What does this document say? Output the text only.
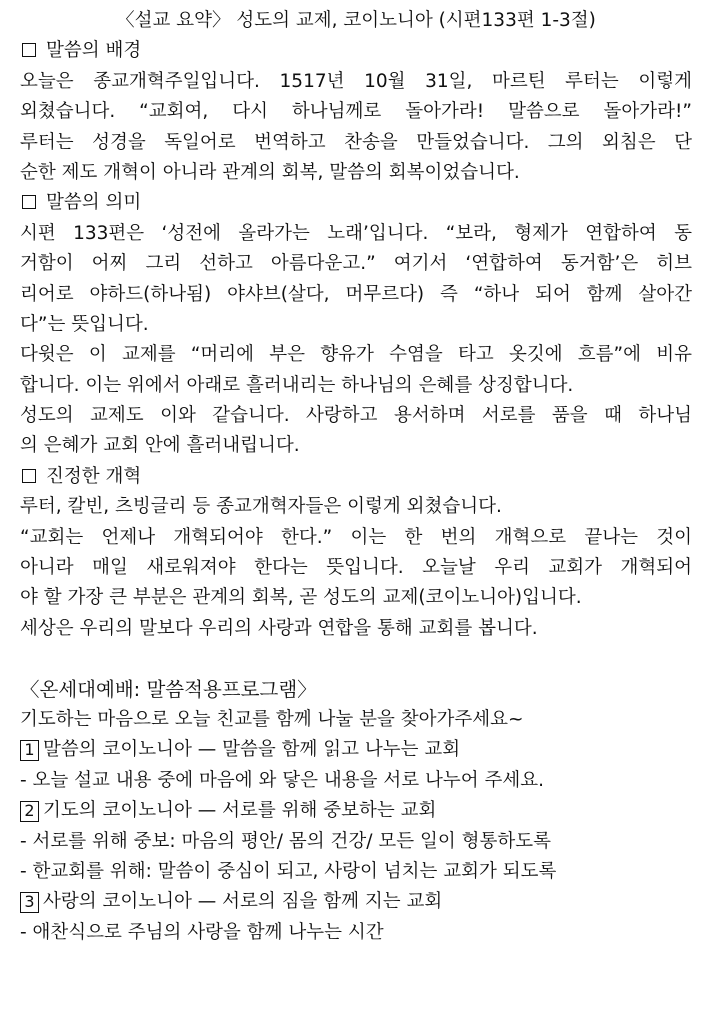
〈설교 요약〉 성도의 교제, 코이노니아 (시편133편 1-3절)
말씀의 배경
오늘은 종교개혁주일입니다. 1517년 10월 31일, 마르틴 루터는 이렇게
외쳤습니다. “교회여, 다시 하나님께로 돌아가라! 말씀으로 돌아가라!”
루터는 성경을 독일어로 번역하고 찬송을 만들었습니다. 그의 외침은 단
순한 제도 개혁이 아니라 관계의 회복, 말씀의 회복이었습니다.
말씀의 의미
시편 133편은 ‘성전에 올라가는 노래’입니다. “보라, 형제가 연합하여 동
거함이 어찌 그리 선하고 아름다운고.” 여기서 ‘연합하여 동거함’은 히브
리어로 야하드(하나됨) 야샤브(살다, 머무르다) 즉 “하나 되어 함께 살아간
다”는 뜻입니다.
다윗은 이 교제를 “머리에 부은 향유가 수염을 타고 옷깃에 흐름”에 비유
합니다. 이는 위에서 아래로 흘러내리는 하나님의 은혜를 상징합니다.
성도의 교제도 이와 같습니다. 사랑하고 용서하며 서로를 품을 때 하나님
의 은혜가 교회 안에 흘러내립니다.
진정한 개혁
루터, 칼빈, 츠빙글리 등 종교개혁자들은 이렇게 외쳤습니다.
“교회는 언제나 개혁되어야 한다.” 이는 한 번의 개혁으로 끝나는 것이
아니라 매일 새로워져야 한다는 뜻입니다. 오늘날 우리 교회가 개혁되어
야 할 가장 큰 부분은 관계의 회복, 곧 성도의 교제(코이노니아)입니다.
세상은 우리의 말보다 우리의 사랑과 연합을 통해 교회를 봅니다.
〈온세대예배: 말씀적용프로그램〉
기도하는 마음으로 오늘 친교를 함께 나눌 분을 찾아가주세요~
1 말씀의 코이노니아 — 말씀을 함께 읽고 나누는 교회
- 오늘 설교 내용 중에 마음에 와 닿은 내용을 서로 나누어 주세요.
2 기도의 코이노니아 — 서로를 위해 중보하는 교회
- 서로를 위해 중보: 마음의 평안/ 몸의 건강/ 모든 일이 형통하도록
- 한교회를 위해: 말씀이 중심이 되고, 사랑이 넘치는 교회가 되도록
3 사랑의 코이노니아 — 서로의 짐을 함께 지는 교회
- 애찬식으로 주님의 사랑을 함께 나누는 시간
